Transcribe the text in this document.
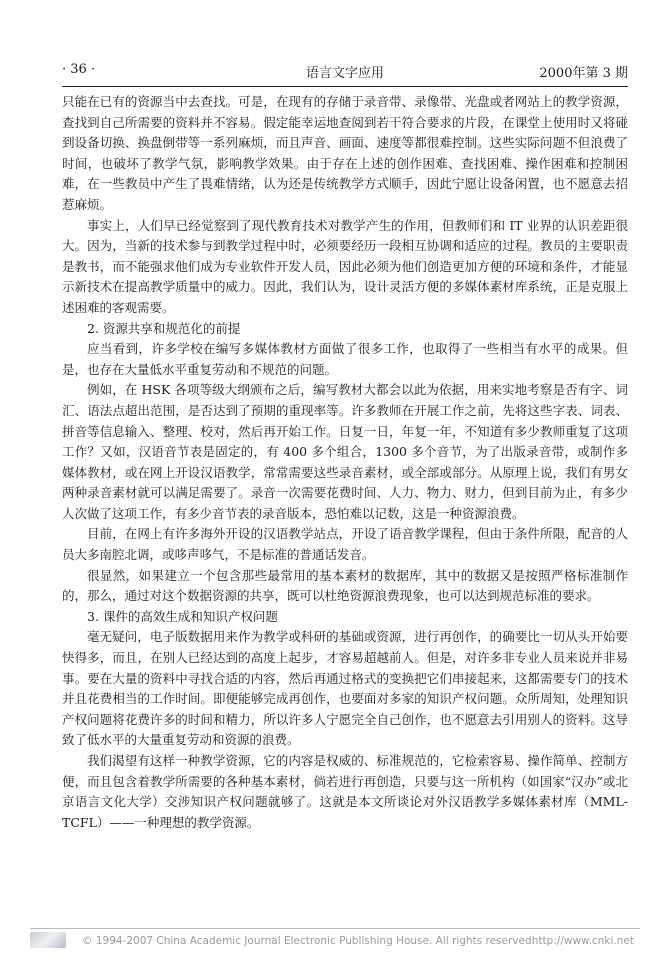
· 36 ·	语言文字应用	2000年第 3 期

只能在已有的资源当中去查找。可是，在现有的存储于录音带、录像带、光盘或者网站上的教学资源，查找到自己所需要的资料并不容易。假定能幸运地查阅到若干符合要求的片段，在课堂上使用时又将碰到设备切换、换盘倒带等一系列麻烦，而且声音、画面、速度等都很难控制。这些实际问题不但浪费了时间，也破坏了教学气氛，影响教学效果。由于存在上述的创作困难、查找困难、操作困难和控制困难，在一些教员中产生了畏难情绪，认为还是传统教学方式顺手，因此宁愿让设备闲置，也不愿意去招惹麻烦。

事实上，人们早已经觉察到了现代教育技术对教学产生的作用，但教师们和 IT 业界的认识差距很大。因为，当新的技术参与到教学过程中时，必须要经历一段相互协调和适应的过程。教员的主要职责是教书，而不能强求他们成为专业软件开发人员，因此必须为他们创造更加方便的环境和条件，才能显示新技术在提高教学质量中的威力。因此，我们认为，设计灵活方便的多媒体素材库系统，正是克服上述困难的客观需要。

2. 资源共享和规范化的前提

应当看到，许多学校在编写多媒体教材方面做了很多工作，也取得了一些相当有水平的成果。但是，也存在大量低水平重复劳动和不规范的问题。

例如，在 HSK 各项等级大纲颁布之后，编写教材大都会以此为依据，用来实地考察是否有字、词汇、语法点超出范围，是否达到了预期的重现率等。许多教师在开展工作之前，先将这些字表、词表、拼音等信息输入、整理、校对，然后再开始工作。日复一日，年复一年，不知道有多少教师重复了这项工作？又如，汉语音节表是固定的，有 400 多个组合，1300 多个音节，为了出版录音带，或制作多媒体教材，或在网上开设汉语教学，常常需要这些录音素材，或全部或部分。从原理上说，我们有男女两种录音素材就可以满足需要了。录音一次需要花费时间、人力、物力、财力，但到目前为止，有多少人次做了这项工作，有多少音节表的录音版本，恐怕难以记数，这是一种资源浪费。

目前，在网上有许多海外开设的汉语教学站点，开设了语音教学课程，但由于条件所限，配音的人员大多南腔北调，或哆声哆气，不是标准的普通话发音。

很显然，如果建立一个包含那些最常用的基本素材的数据库，其中的数据又是按照严格标准制作的，那么，通过对这个数据资源的共享，既可以杜绝资源浪费现象，也可以达到规范标准的要求。

3. 课件的高效生成和知识产权问题

毫无疑问，电子版数据用来作为教学或科研的基础或资源，进行再创作，的确要比一切从头开始要快得多，而且，在别人已经达到的高度上起步，才容易超越前人。但是，对许多非专业人员来说并非易事。要在大量的资料中寻找合适的内容，然后再通过格式的变换把它们串接起来，这都需要专门的技术并且花费相当的工作时间。即便能够完成再创作，也要面对多家的知识产权问题。众所周知，处理知识产权问题将花费许多的时间和精力，所以许多人宁愿完全自己创作，也不愿意去引用别人的资料。这导致了低水平的大量重复劳动和资源的浪费。

我们渴望有这样一种教学资源，它的内容是权威的、标准规范的，它检索容易、操作简单、控制方便，而且包含着教学所需要的各种基本素材，倘若进行再创造，只要与这一所机构（如国家“汉办”或北京语言文化大学）交涉知识产权问题就够了。这就是本文所谈论对外汉语教学多媒体素材库（MML-TCFL）——一种理想的教学资源。

© 1994-2007 China Academic Journal Electronic Publishing House. All rights reserved.
http://www.cnki.net
